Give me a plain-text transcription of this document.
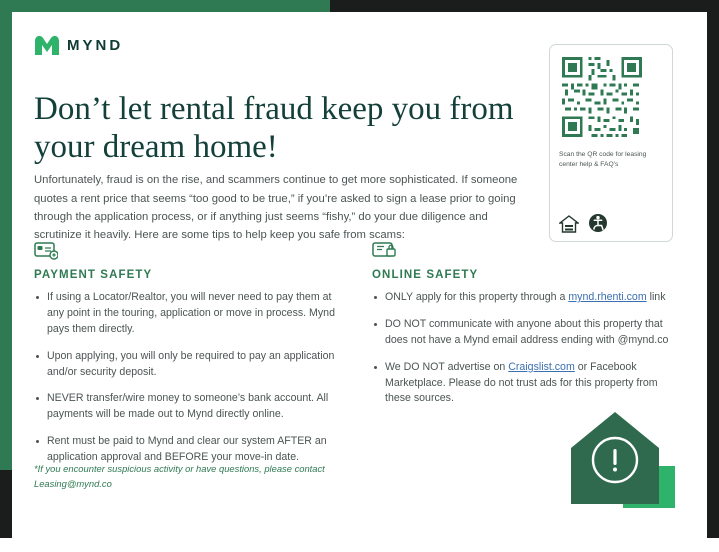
MYND
Don’t let rental fraud keep you from your dream home!

Unfortunately, fraud is on the rise, and scammers continue to get more sophisticated. If someone quotes a rent price that seems “too good to be true,” if you’re asked to sign a lease prior to going through the application process, or if anything just seems “fishy,” do your due diligence and scrutinize it heavily. Here are some tips to help keep you safe from scams:

Scan the QR code for leasing center help & FAQ’s
PAYMENT SAFETY
If using a Locator/Realtor, you will never need to pay them at any point in the touring, application or move in process. Mynd pays them directly.
Upon applying, you will only be required to pay an application and/or security deposit.
NEVER transfer/wire money to someone’s bank account. All payments will be made out to Mynd directly online.
Rent must be paid to Mynd and clear our system AFTER an application approval and BEFORE your move-in date.
ONLINE SAFETY
ONLY apply for this property through a mynd.rhenti.com link
DO NOT communicate with anyone about this property that does not have a Mynd email address ending with @mynd.co
We DO NOT advertise on Craigslist.com or Facebook Marketplace. Please do not trust ads for this property from these sources.
*If you encounter suspicious activity or have questions, please contact Leasing@mynd.co
